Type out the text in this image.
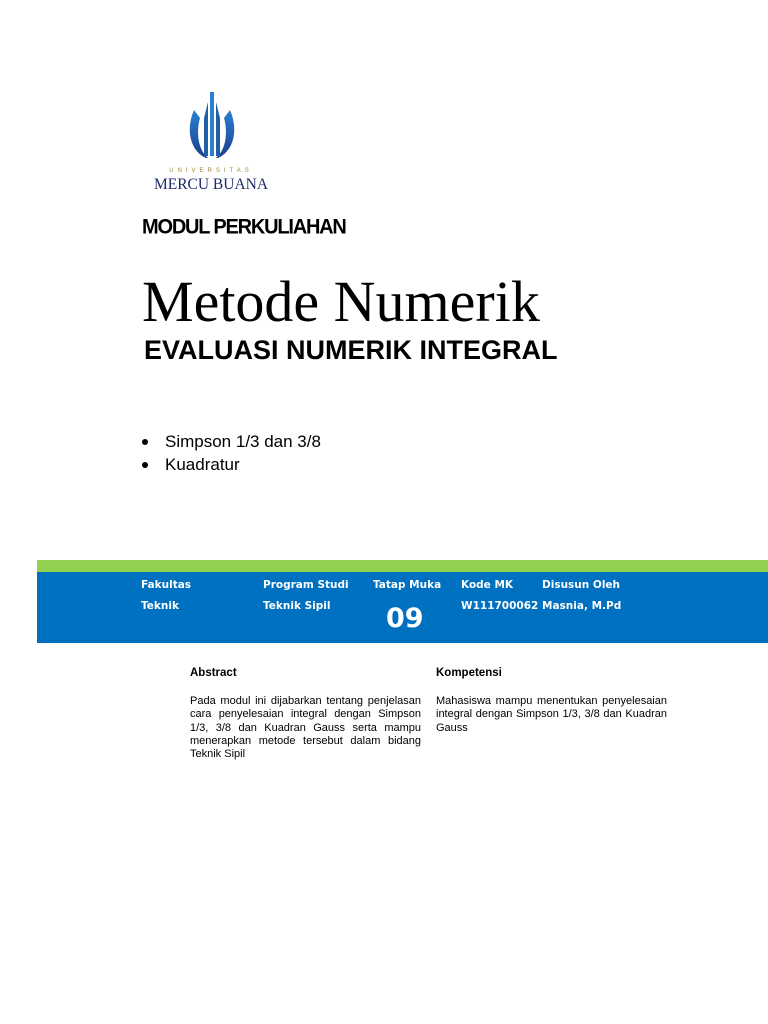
UNIVERSITAS
MERCU BUANA
MODUL PERKULIAHAN
Metode Numerik
EVALUASI NUMERIK INTEGRAL
Simpson 1/3 dan 3/8
Kuadratur
Fakultas
Teknik
Program Studi
Teknik Sipil
Tatap Muka
09
Kode MK
W111700062
Disusun Oleh
Masnia, M.Pd
Abstract
Pada modul ini dijabarkan tentang penjelasan cara penyelesaian integral dengan Simpson 1/3, 3/8 dan Kuadran Gauss serta mampu menerapkan metode tersebut dalam bidang Teknik Sipil
Kompetensi
Mahasiswa mampu menentukan penyelesaian integral dengan Simpson 1/3, 3/8 dan Kuadran Gauss
